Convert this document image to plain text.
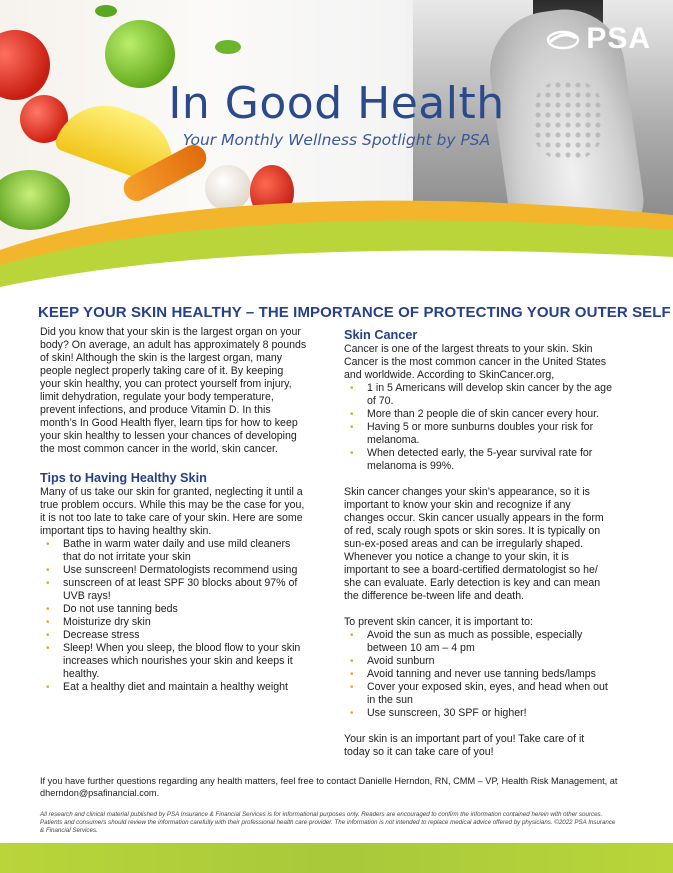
PSA
In Good Health
Your Monthly Wellness Spotlight by PSA
KEEP YOUR SKIN HEALTHY – THE IMPORTANCE OF PROTECTING YOUR OUTER SELF

Did you know that your skin is the largest organ on your
body? On average, an adult has approximately 8 pounds
of skin! Although the skin is the largest organ, many
people neglect properly taking care of it. By keeping
your skin healthy, you can protect yourself from injury,
limit dehydration, regulate your body temperature,
prevent infections, and produce Vitamin D. In this
month’s In Good Health flyer, learn tips for how to keep
your skin healthy to lessen your chances of developing
the most common cancer in the world, skin cancer.

Tips to Having Healthy Skin

Many of us take our skin for granted, neglecting it until a
true problem occurs. While this may be the case for you,
it is not too late to take care of your skin. Here are some
important tips to having healthy skin.

• Bathe in warm water daily and use mild cleaners
that do not irritate your skin
• Use sunscreen! Dermatologists recommend using
• sunscreen of at least SPF 30 blocks about 97% of
UVB rays!
• Do not use tanning beds
• Moisturize dry skin
• Decrease stress
• Sleep! When you sleep, the blood flow to your skin
increases which nourishes your skin and keeps it
healthy.
• Eat a healthy diet and maintain a healthy weight
Skin Cancer

Cancer is one of the largest threats to your skin. Skin
Cancer is the most common cancer in the United States
and worldwide. According to SkinCancer.org,

• 1 in 5 Americans will develop skin cancer by the age
of 70.
• More than 2 people die of skin cancer every hour.
• Having 5 or more sunburns doubles your risk for
melanoma.
• When detected early, the 5-year survival rate for
melanoma is 99%.

Skin cancer changes your skin’s appearance, so it is
important to know your skin and recognize if any
changes occur. Skin cancer usually appears in the form
of red, scaly rough spots or skin sores. It is typically on
sun-ex-posed areas and can be irregularly shaped.
Whenever you notice a change to your skin, it is
important to see a board-certified dermatologist so he/
she can evaluate. Early detection is key and can mean
the difference be-tween life and death.

To prevent skin cancer, it is important to:

• Avoid the sun as much as possible, especially
between 10 am – 4 pm
• Avoid sunburn
• Avoid tanning and never use tanning beds/lamps
• Cover your exposed skin, eyes, and head when out
in the sun
• Use sunscreen, 30 SPF or higher!

Your skin is an important part of you! Take care of it
today so it can take care of you!

If you have further questions regarding any health matters, feel free to contact Danielle Herndon, RN, CMM – VP, Health Risk Management, at
dherndon@psafinancial.com.
All research and clinical material published by PSA Insurance & Financial Services is for informational purposes only. Readers are encouraged to confirm the information contained herein with other sources.
Patients and consumers should review the information carefully with their professional health care provider. The information is not intended to replace medical advice offered by physicians. ©2022 PSA Insurance
& Financial Services.
